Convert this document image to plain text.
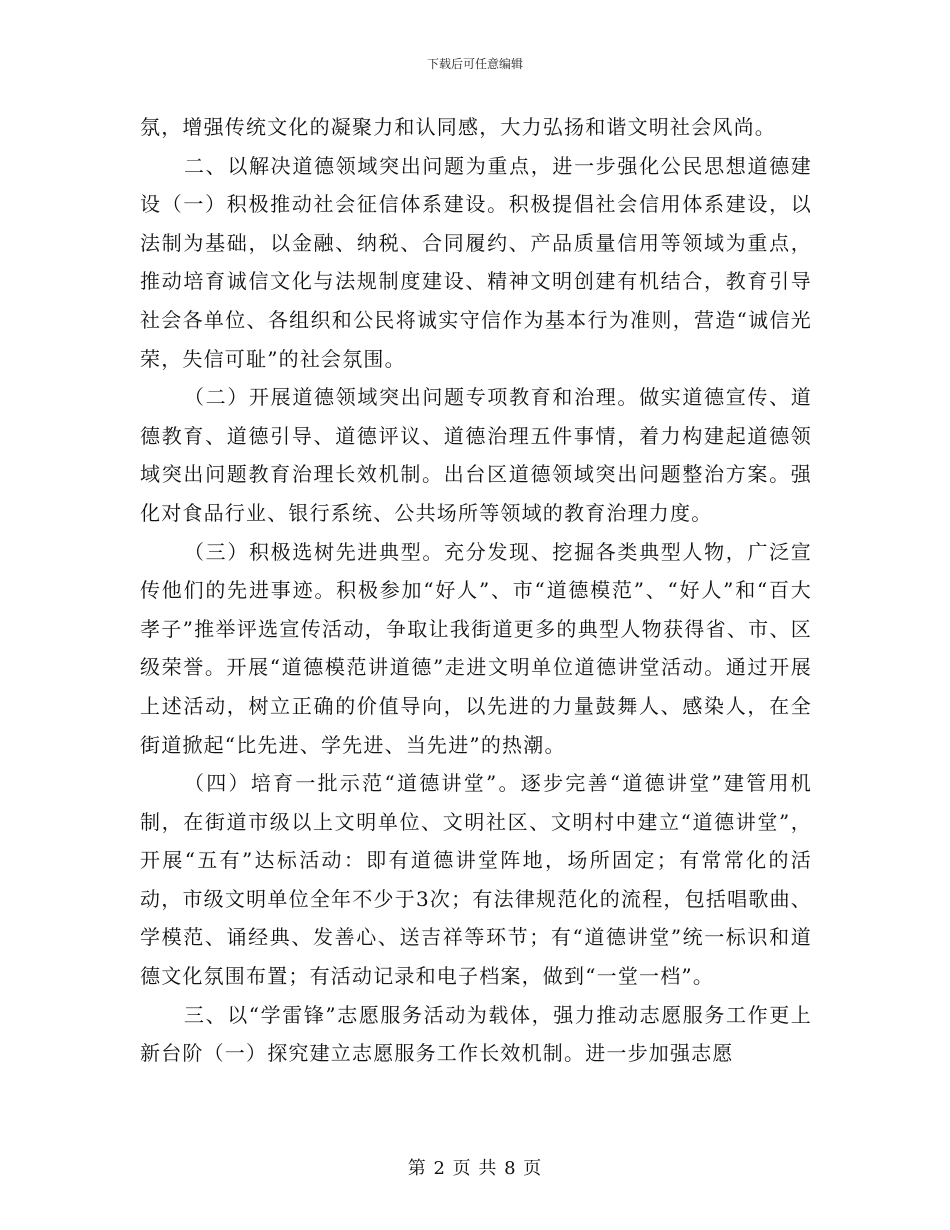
下载后可任意编辑

氛，增强传统文化的凝聚力和认同感，大力弘扬和谐文明社会风尚。

二、以解决道德领域突出问题为重点，进一步强化公民思想道德建设（一）积极推动社会征信体系建设。积极提倡社会信用体系建设，以法制为基础，以金融、纳税、合同履约、产品质量信用等领域为重点，推动培育诚信文化与法规制度建设、精神文明创建有机结合，教育引导社会各单位、各组织和公民将诚实守信作为基本行为准则，营造“诚信光荣，失信可耻”的社会氛围。

（二）开展道德领域突出问题专项教育和治理。做实道德宣传、道德教育、道德引导、道德评议、道德治理五件事情，着力构建起道德领域突出问题教育治理长效机制。出台区道德领域突出问题整治方案。强化对食品行业、银行系统、公共场所等领域的教育治理力度。

（三）积极选树先进典型。充分发现、挖掘各类典型人物，广泛宣传他们的先进事迹。积极参加“好人”、市“道德模范”、“好人”和“百大孝子”推举评选宣传活动，争取让我街道更多的典型人物获得省、市、区级荣誉。开展“道德模范讲道德”走进文明单位道德讲堂活动。通过开展上述活动，树立正确的价值导向，以先进的力量鼓舞人、感染人，在全街道掀起“比先进、学先进、当先进”的热潮。

（四）培育一批示范“道德讲堂”。逐步完善“道德讲堂”建管用机制，在街道市级以上文明单位、文明社区、文明村中建立“道德讲堂”，开展“五有”达标活动：即有道德讲堂阵地，场所固定；有常常化的活动，市级文明单位全年不少于3次；有法律规范化的流程，包括唱歌曲、学模范、诵经典、发善心、送吉祥等环节；有“道德讲堂”统一标识和道德文化氛围布置；有活动记录和电子档案，做到“一堂一档”。

三、以“学雷锋”志愿服务活动为载体，强力推动志愿服务工作更上新台阶（一）探究建立志愿服务工作长效机制。进一步加强志愿

第 2 页 共 8 页
